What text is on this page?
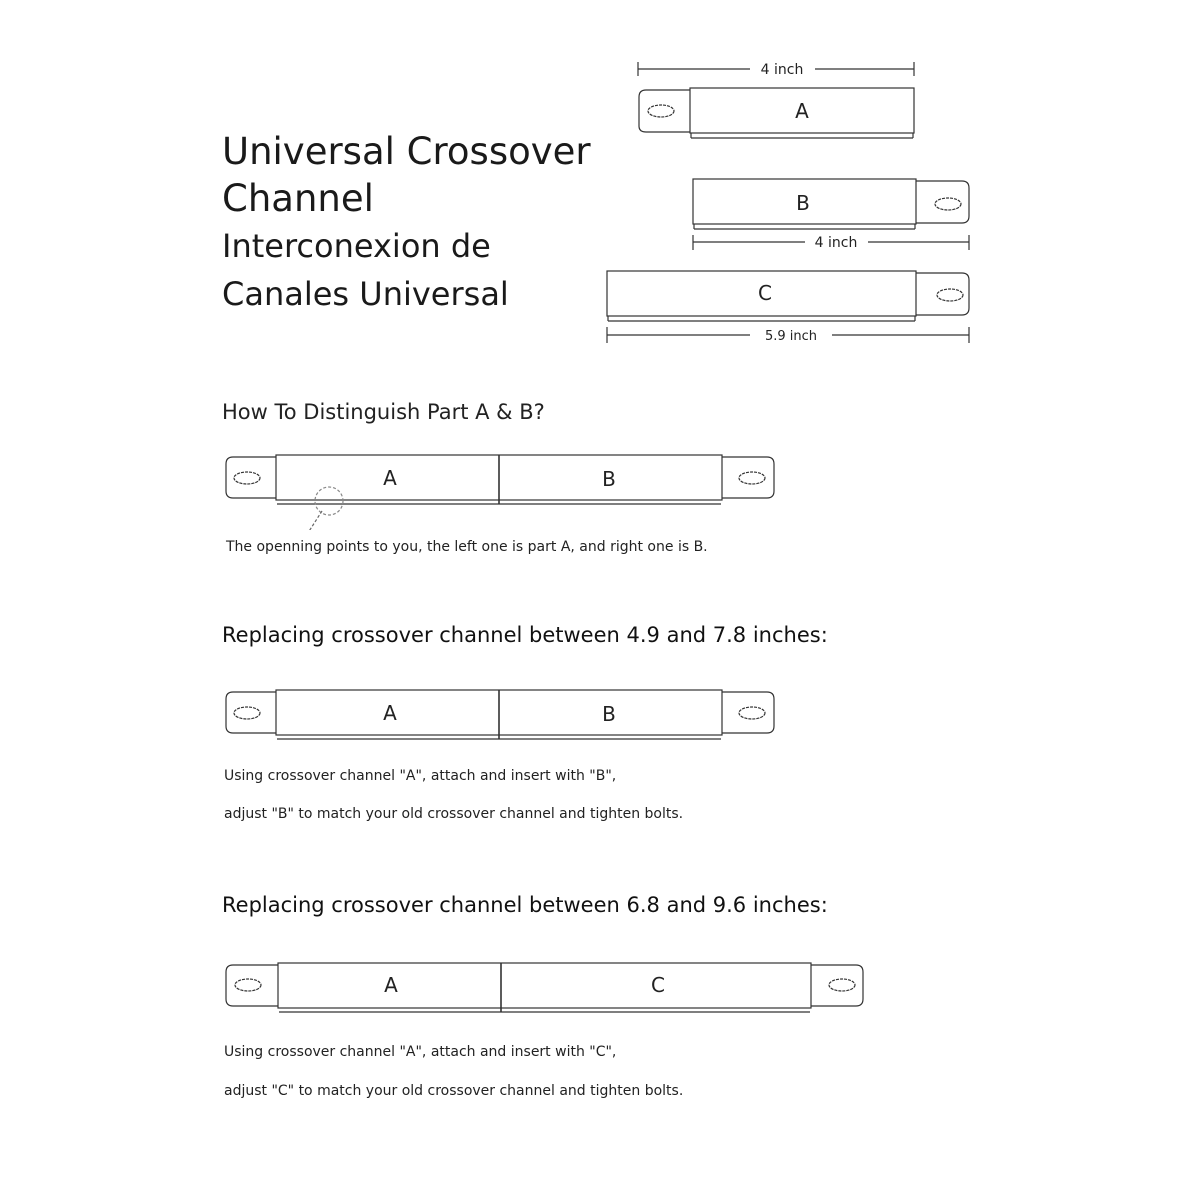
Universal Crossover
Channel
Interconexion de
Canales Universal
4 inch
A
B
4 inch
C
5.9 inch
How To Distinguish Part A & B?
A	B
The openning points to you, the left one is part A, and right one is B.
Replacing crossover channel between 4.9 and 7.8 inches:
A	B
Using crossover channel "A", attach and insert with "B",
adjust "B" to match your old crossover channel and tighten bolts.
Replacing crossover channel between 6.8 and 9.6 inches:
A	C
Using crossover channel "A", attach and insert with "C",
adjust "C" to match your old crossover channel and tighten bolts.
